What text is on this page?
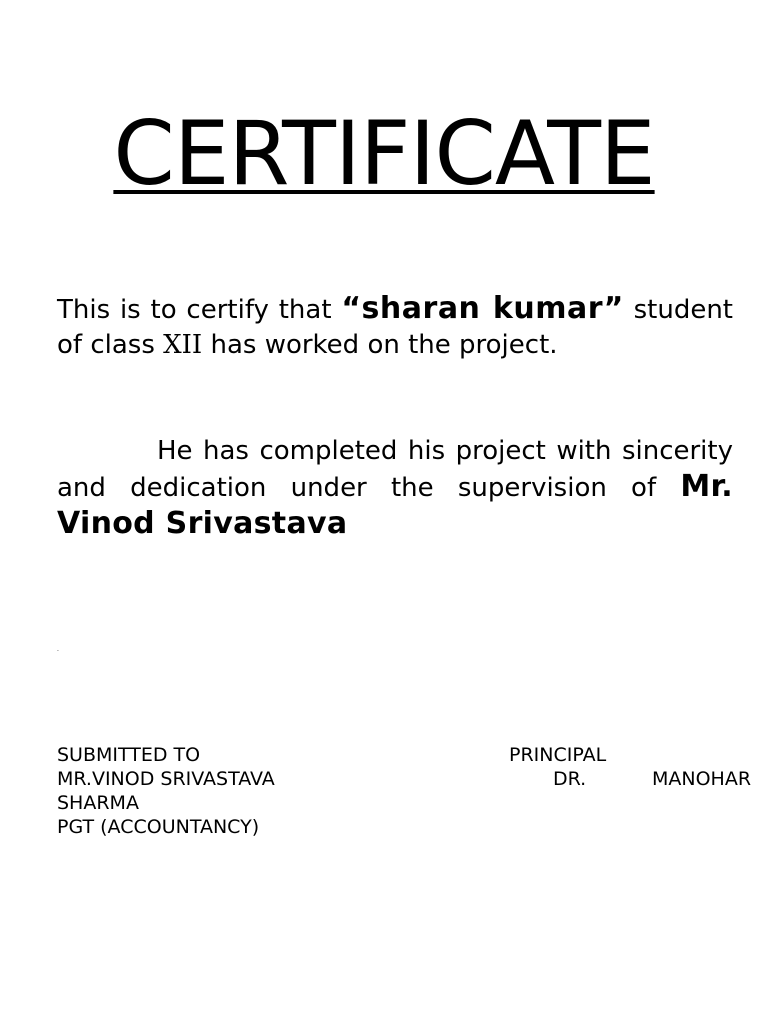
CERTIFICATE

This is to certify that “sharan kumar” student of class XII has worked on the project.

He has completed his project with sincerity and dedication under the supervision of Mr. Vinod Srivastava

.

SUBMITTED TO	PRINCIPAL

MR.VINOD SRIVASTAVA	DR.	MANOHAR

SHARMA

PGT (ACCOUNTANCY)
